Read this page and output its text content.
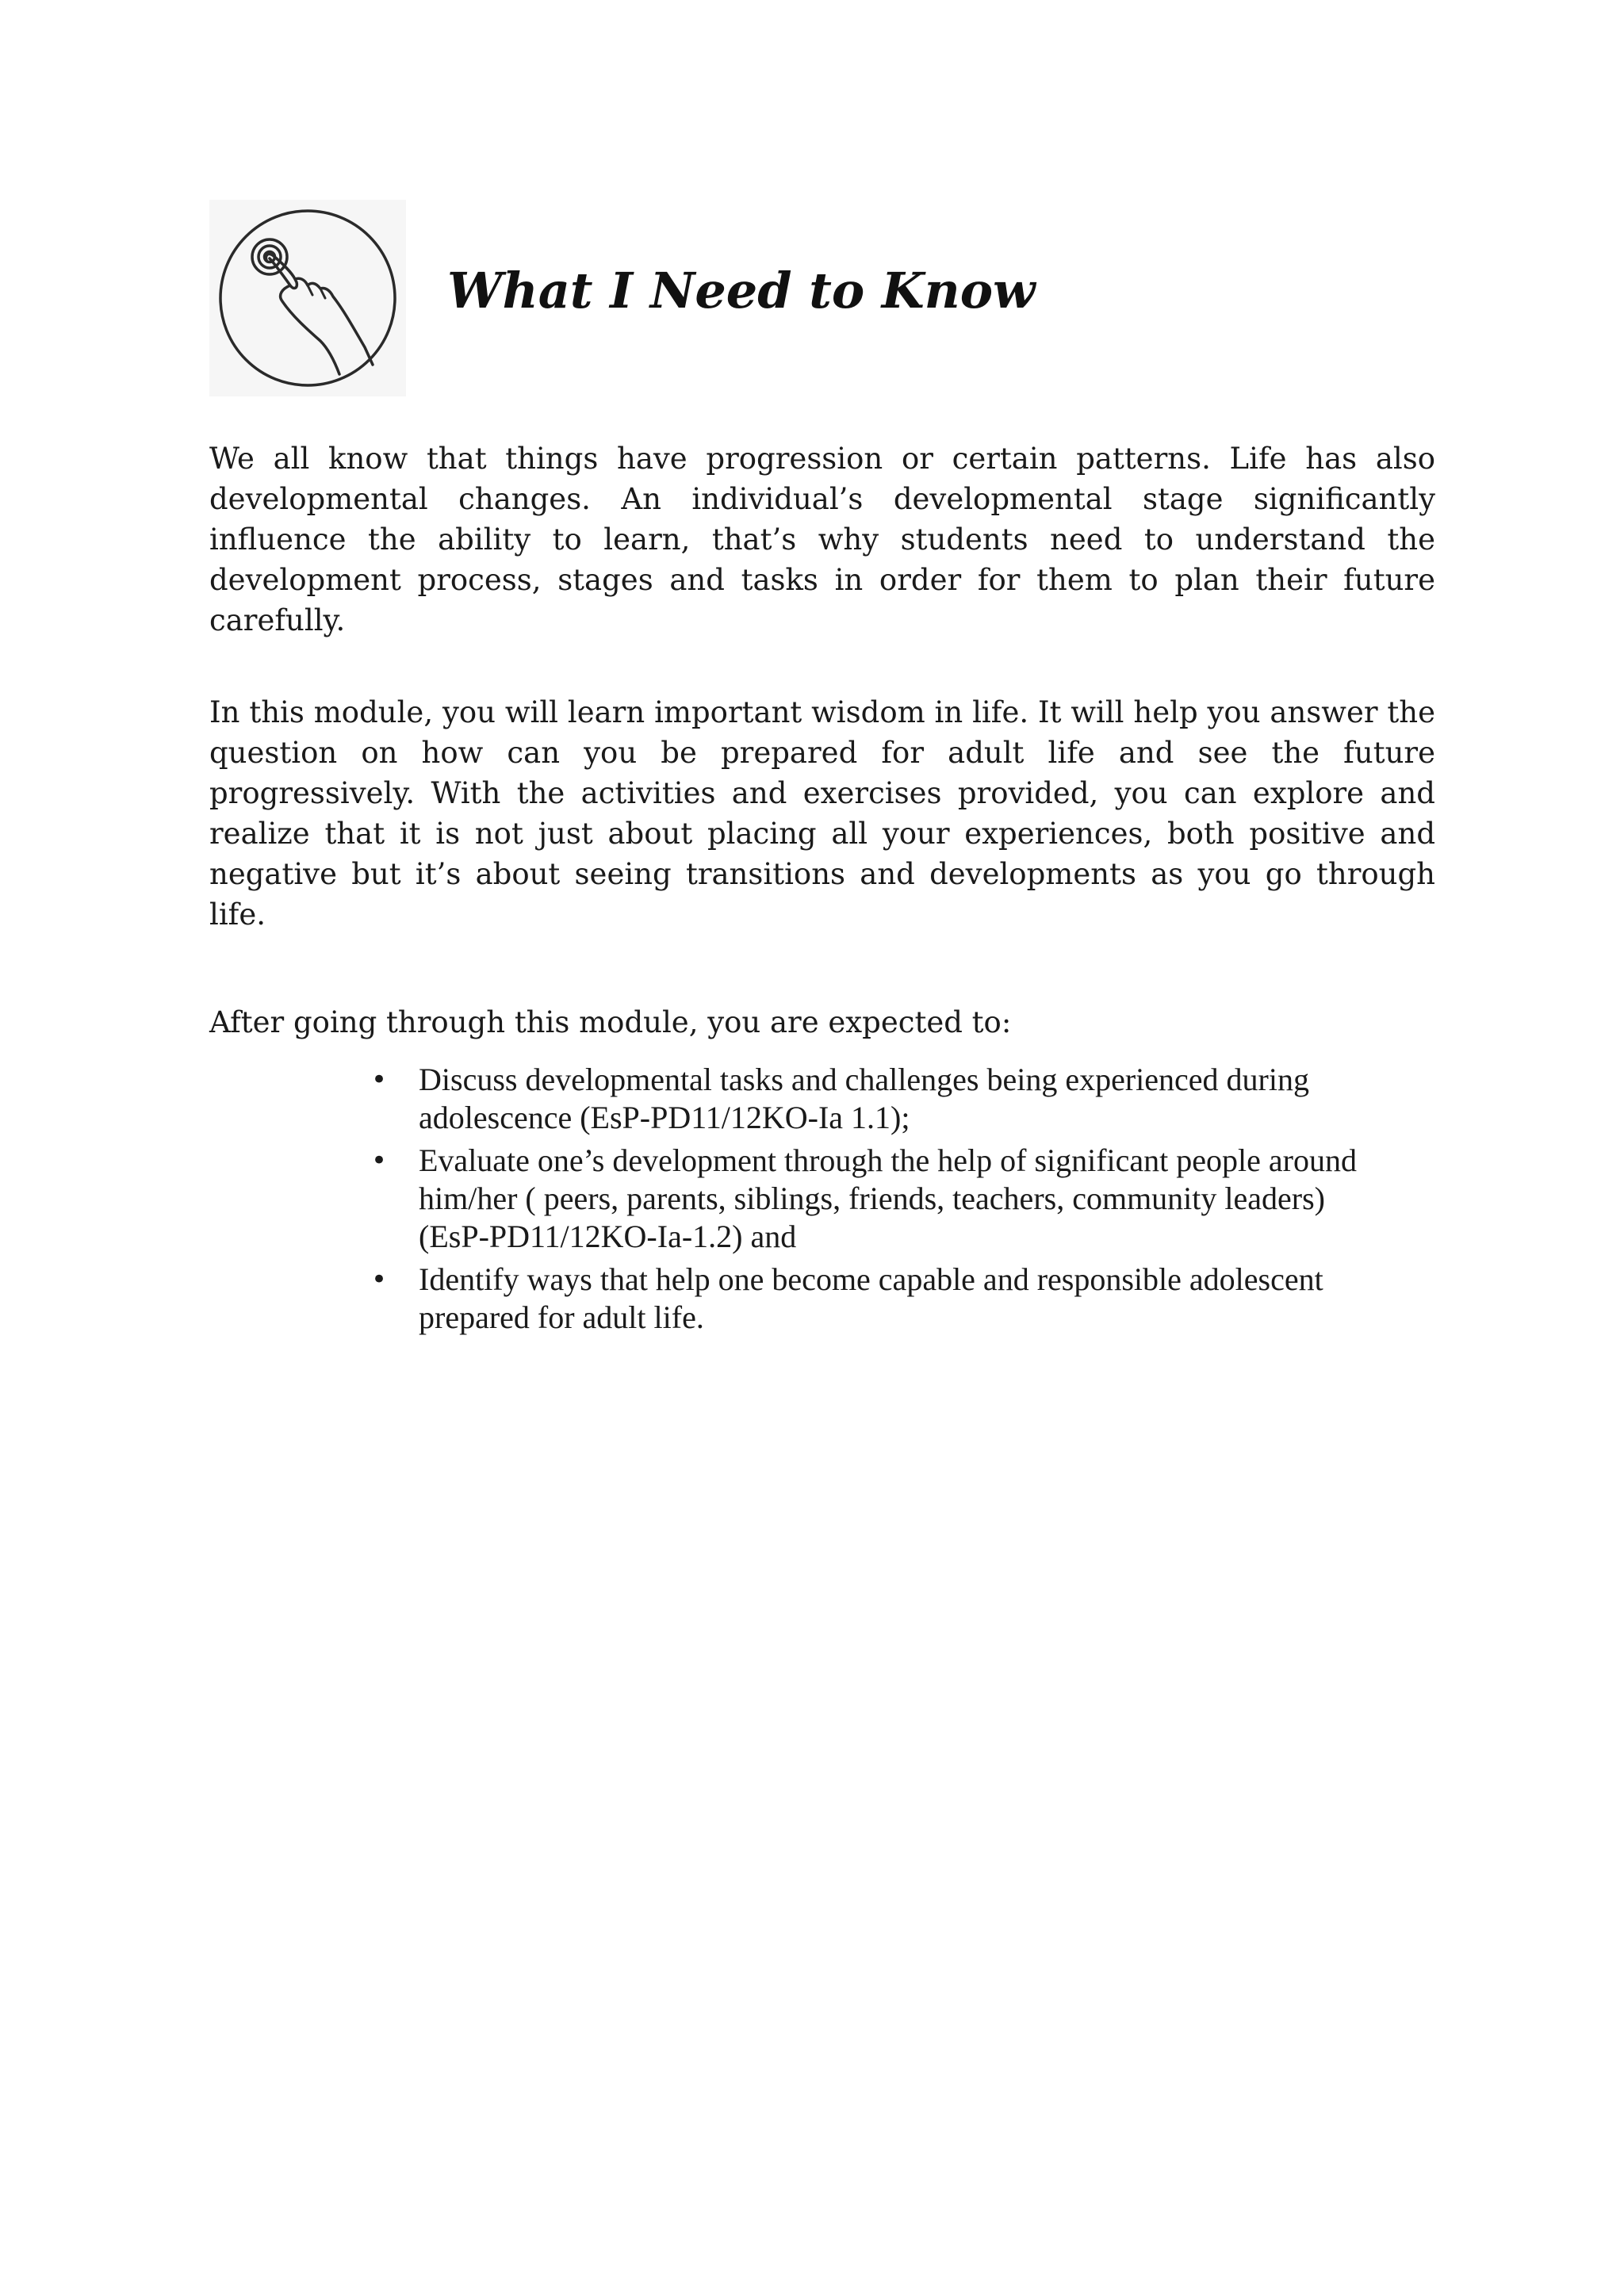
What I Need to Know

We all know that things have progression or certain patterns. Life has also developmental changes. An individual’s developmental stage significantly influence the ability to learn, that’s why students need to understand the development process, stages and tasks in order for them to plan their future carefully.

In this module, you will learn important wisdom in life. It will help you answer the question on how can you be prepared for adult life and see the future progressively. With the activities and exercises provided, you can explore and realize that it is not just about placing all your experiences, both positive and negative but it’s about seeing transitions and developments as you go through life.

After going through this module, you are expected to:

• Discuss developmental tasks and challenges being experienced during adolescence (EsP-PD11/12KO-Ia 1.1);
• Evaluate one’s development through the help of significant people around him/her ( peers, parents, siblings, friends, teachers, community leaders) (EsP-PD11/12KO-Ia-1.2) and
• Identify ways that help one become capable and responsible adolescent prepared for adult life.
